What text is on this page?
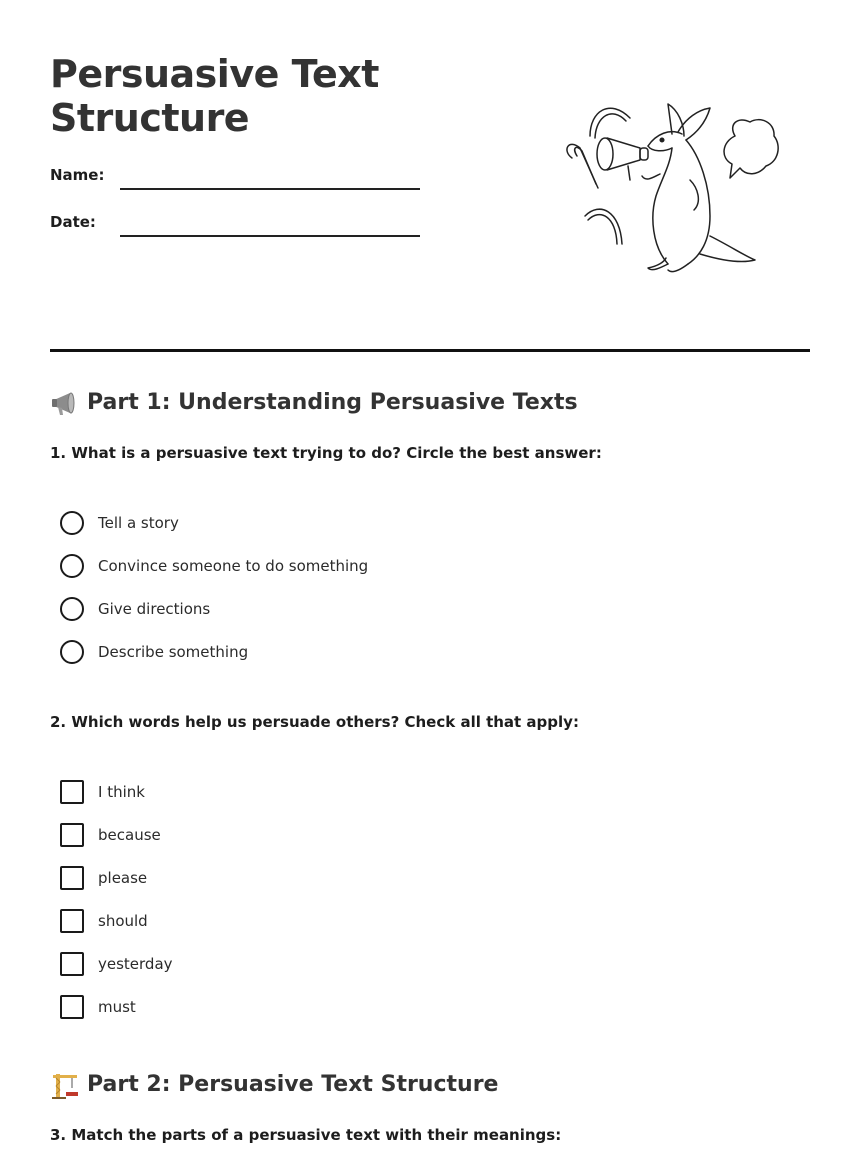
Persuasive Text Structure
Name:
Date:
Part 1: Understanding Persuasive Texts

1. What is a persuasive text trying to do? Circle the best answer:

Tell a story
Convince someone to do something
Give directions
Describe something

2. Which words help us persuade others? Check all that apply:

I think
because
please
should
yesterday
must
Part 2: Persuasive Text Structure

3. Match the parts of a persuasive text with their meanings:
